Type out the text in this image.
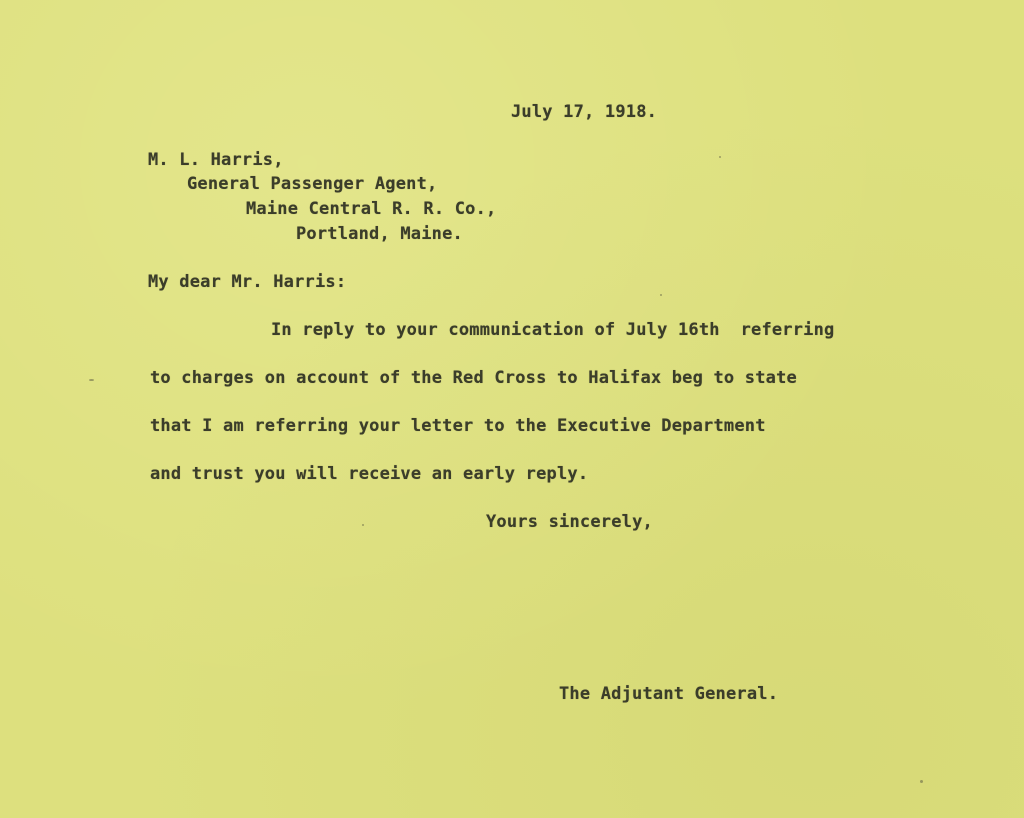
July 17, 1918.
M. L. Harris,
General Passenger Agent,
Maine Central R. R. Co.,
Portland, Maine.
My dear Mr. Harris:
In reply to your communication of July 16th  referring
to charges on account of the Red Cross to Halifax beg to state
that I am referring your letter to the Executive Department
and trust you will receive an early reply.
Yours sincerely,
The Adjutant General.
